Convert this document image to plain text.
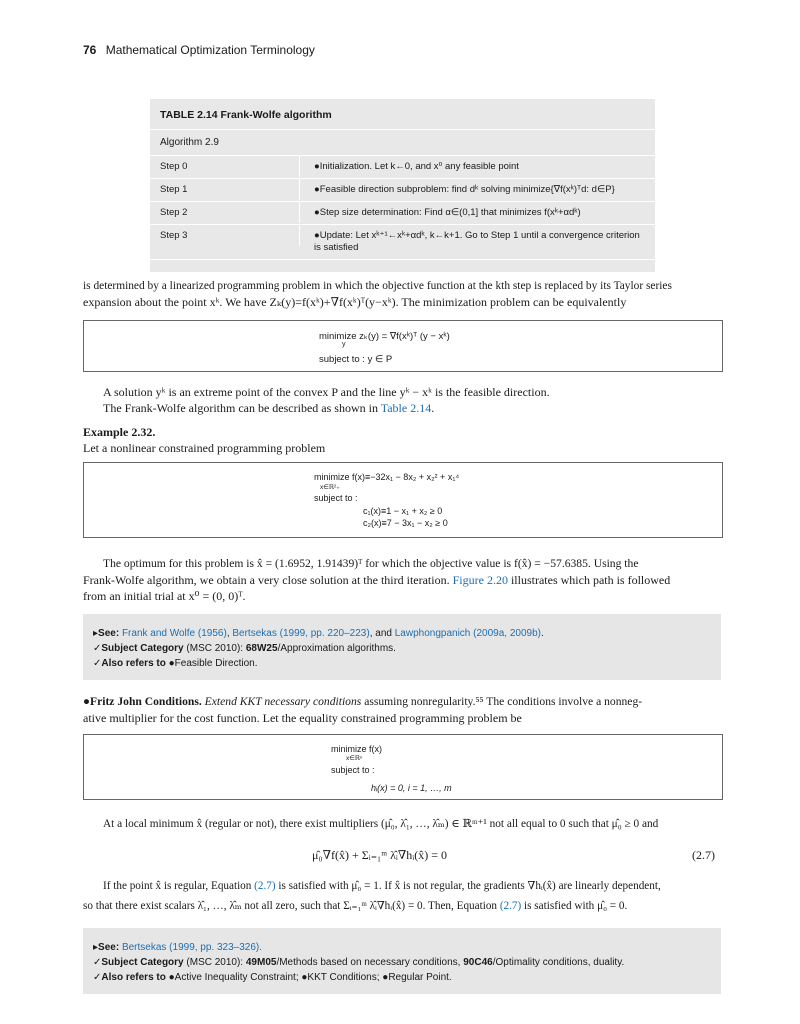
76 Mathematical Optimization Terminology
TABLE 2.14 Frank-Wolfe algorithm
Algorithm 2.9
Step 0	●Initialization. Let k←0, and x⁰ any feasible point
Step 1	●Feasible direction subproblem: find dᵏ solving minimize{∇f(xᵏ)ᵀd: d∈P}
Step 2	●Step size determination: Find α∈(0,1] that minimizes f(xᵏ+αdᵏ)
Step 3	●Update: Let xᵏ⁺¹←xᵏ+αdᵏ, k←k+1. Go to Step 1 until a convergence criterion is satisfied
is determined by a linearized programming problem in which the objective function at the kth step is replaced by its Taylor series
expansion about the point xᵏ. We have Zₖ(y)=f(xᵏ)+∇f(xᵏ)ᵀ(y−xᵏ). The minimization problem can be equivalently
minimize zₖ(y) = ∇f(xᵏ)ᵀ (y − xᵏ)
y
subject to : y ∈ P
A solution yᵏ is an extreme point of the convex P and the line yᵏ − xᵏ is the feasible direction.
The Frank-Wolfe algorithm can be described as shown in Table 2.14.
Example 2.32.
Let a nonlinear constrained programming problem
minimize f(x)≡−32x₁ − 8x₂ + x₂² + x₁⁴
x∈ℝ²₊
subject to :
c₁(x)≡1 − x₁ + x₂ ≥ 0
c₂(x)≡7 − 3x₁ − x₂ ≥ 0
The optimum for this problem is x̂ = (1.6952, 1.91439)ᵀ for which the objective value is f(x̂) = −57.6385. Using the
Frank-Wolfe algorithm, we obtain a very close solution at the third iteration. Figure 2.20 illustrates which path is followed
from an initial trial at x⁰ = (0, 0)ᵀ.
▸See: Frank and Wolfe (1956), Bertsekas (1999, pp. 220–223), and Lawphongpanich (2009a, 2009b).
✓Subject Category (MSC 2010): 68W25/Approximation algorithms.
✓Also refers to ●Feasible Direction.
●Fritz John Conditions. Extend KKT necessary conditions assuming nonregularity.⁵⁵ The conditions involve a nonneg-
ative multiplier for the cost function. Let the equality constrained programming problem be
minimize f(x)
x∈ℝⁿ
subject to :
hᵢ(x) = 0, i = 1, …, m
At a local minimum x̂ (regular or not), there exist multipliers (μ̂₀, λ̂₁, …, λ̂ₘ) ∈ ℝᵐ⁺¹ not all equal to 0 such that μ̂₀ ≥ 0 and
μ̂₀∇f(x̂) + Σᵢ₌₁ᵐ λ̂ᵢ∇hᵢ(x̂) = 0	(2.7)
If the point x̂ is regular, Equation (2.7) is satisfied with μ̂₀ = 1. If x̂ is not regular, the gradients ∇hᵢ(x̂) are linearly dependent,
so that there exist scalars λ̂₁, …, λ̂ₘ not all zero, such that Σᵢ₌₁ᵐ λ̂ᵢ∇hᵢ(x̂) = 0. Then, Equation (2.7) is satisfied with μ̂₀ = 0.
▸See: Bertsekas (1999, pp. 323–326).
✓Subject Category (MSC 2010): 49M05/Methods based on necessary conditions, 90C46/Optimality conditions, duality.
✓Also refers to ●Active Inequality Constraint; ●KKT Conditions; ●Regular Point.
